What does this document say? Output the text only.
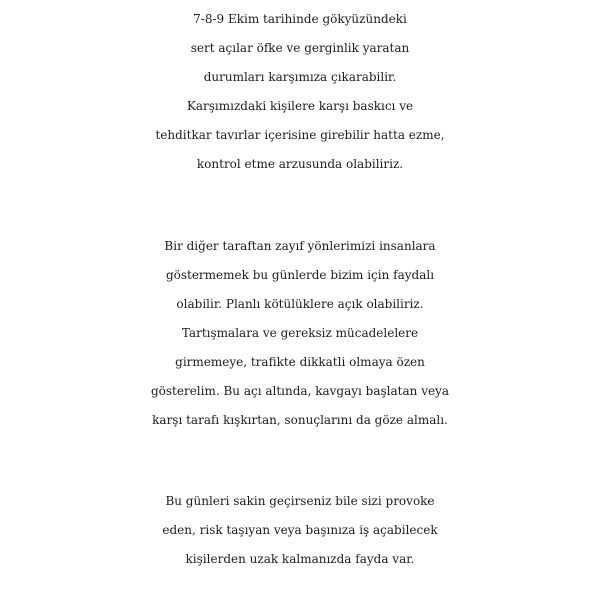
7-8-9 Ekim tarihinde gökyüzündeki
sert açılar öfke ve gerginlik yaratan
durumları karşımıza çıkarabilir.
Karşımızdaki kişilere karşı baskıcı ve
tehditkar tavırlar içerisine girebilir hatta ezme,
kontrol etme arzusunda olabiliriz.

Bir diğer taraftan zayıf yönlerimizi insanlara
göstermemek bu günlerde bizim için faydalı
olabilir. Planlı kötülüklere açık olabiliriz.
Tartışmalara ve gereksiz mücadelelere
girmemeye, trafikte dikkatli olmaya özen
gösterelim. Bu açı altında, kavgayı başlatan veya
karşı tarafı kışkırtan, sonuçlarını da göze almalı.

Bu günleri sakin geçirseniz bile sizi provoke
eden, risk taşıyan veya başınıza iş açabilecek
kişilerden uzak kalmanızda fayda var.
